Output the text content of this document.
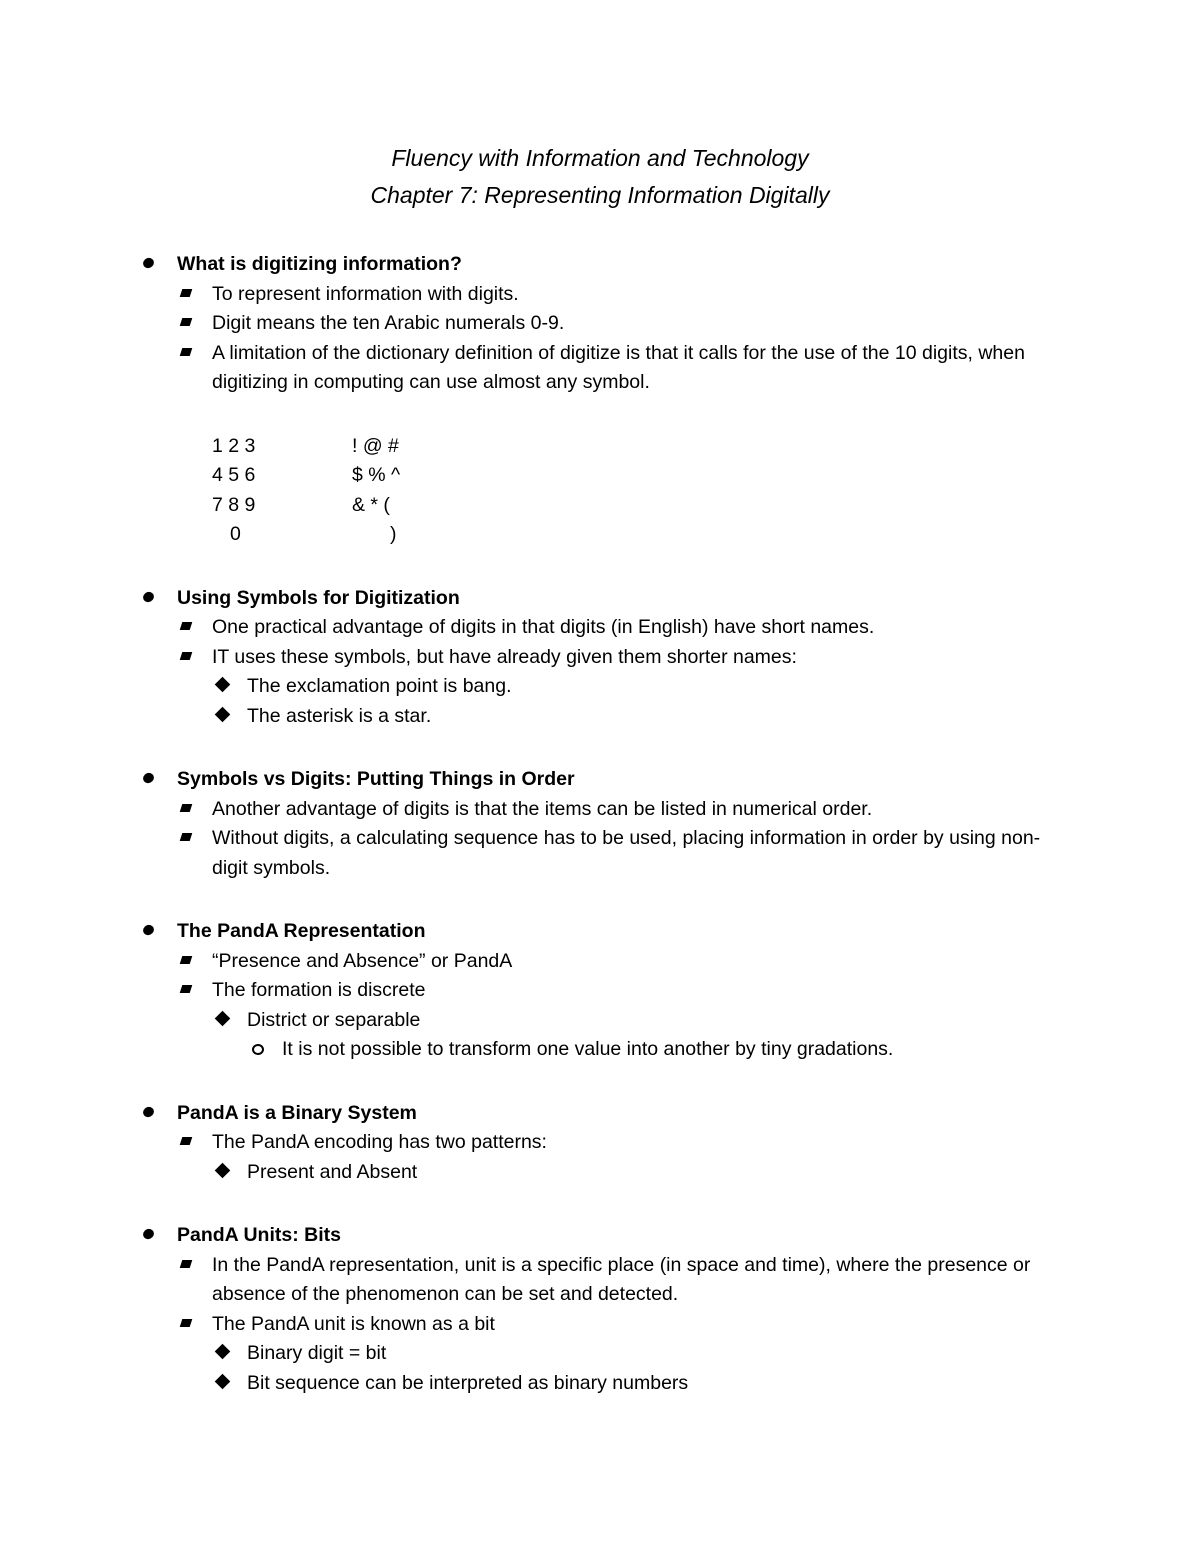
Fluency with Information and Technology
Chapter 7: Representing Information Digitally
What is digitizing information?
To represent information with digits.
Digit means the ten Arabic numerals 0-9.
A limitation of the dictionary definition of digitize is that it calls for the use of the 10 digits, when digitizing in computing can use almost any symbol.
1 2 3	! @ #
4 5 6	$ % ^
7 8 9	& * (
0	)
Using Symbols for Digitization
One practical advantage of digits in that digits (in English) have short names.
IT uses these symbols, but have already given them shorter names:
The exclamation point is bang.
The asterisk is a star.
Symbols vs Digits: Putting Things in Order
Another advantage of digits is that the items can be listed in numerical order.
Without digits, a calculating sequence has to be used, placing information in order by using non-digit symbols.
The PandA Representation
“Presence and Absence” or PandA
The formation is discrete
District or separable
It is not possible to transform one value into another by tiny gradations.
PandA is a Binary System
The PandA encoding has two patterns:
Present and Absent
PandA Units: Bits
In the PandA representation, unit is a specific place (in space and time), where the presence or absence of the phenomenon can be set and detected.
The PandA unit is known as a bit
Binary digit = bit
Bit sequence can be interpreted as binary numbers
